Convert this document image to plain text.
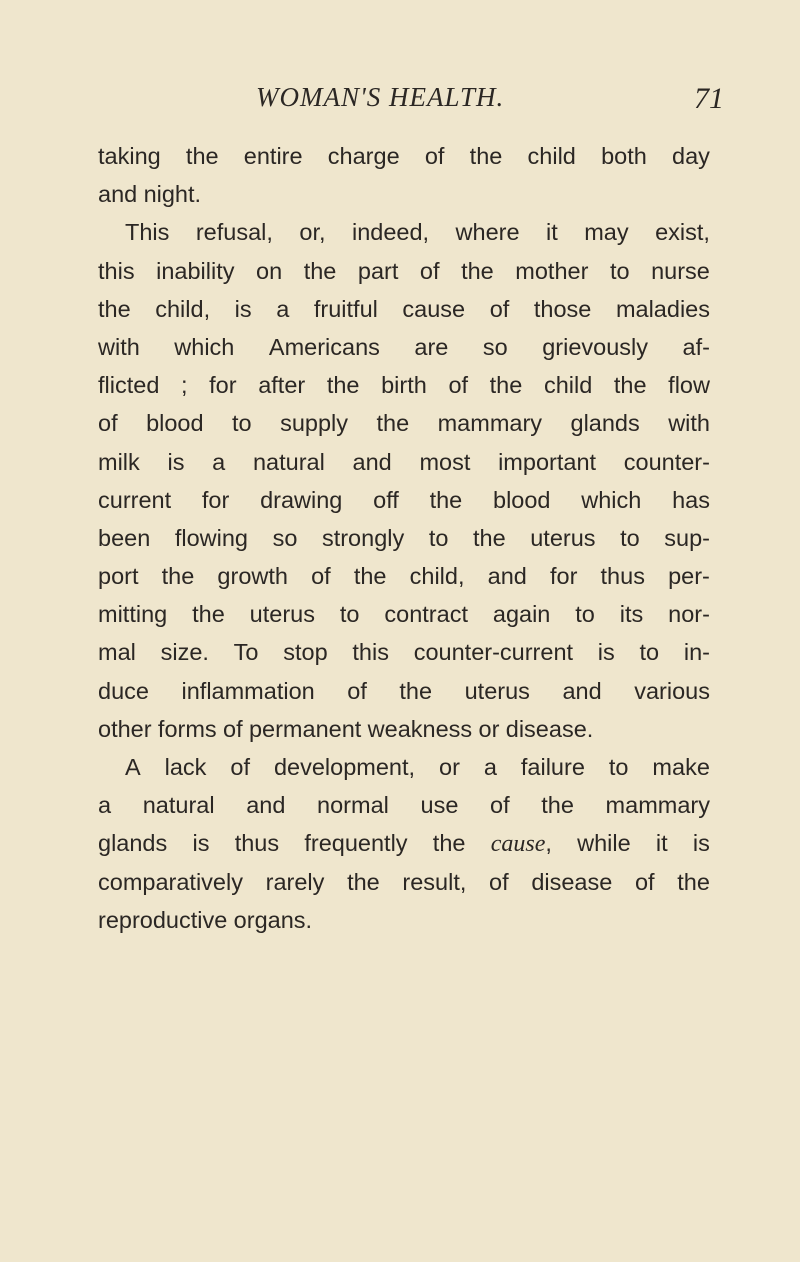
WOMAN'S HEALTH.	71
taking the entire charge of the child both day
and night.
This refusal, or, indeed, where it may exist,
this inability on the part of the mother to nurse
the child, is a fruitful cause of those maladies
with which Americans are so grievously af-
flicted ; for after the birth of the child the flow
of blood to supply the mammary glands with
milk is a natural and most important counter-
current for drawing off the blood which has
been flowing so strongly to the uterus to sup-
port the growth of the child, and for thus per-
mitting the uterus to contract again to its nor-
mal size. To stop this counter-current is to in-
duce inflammation of the uterus and various
other forms of permanent weakness or disease.
A lack of development, or a failure to make
a natural and normal use of the mammary
glands is thus frequently the cause, while it is
comparatively rarely the result, of disease of the
reproductive organs.
